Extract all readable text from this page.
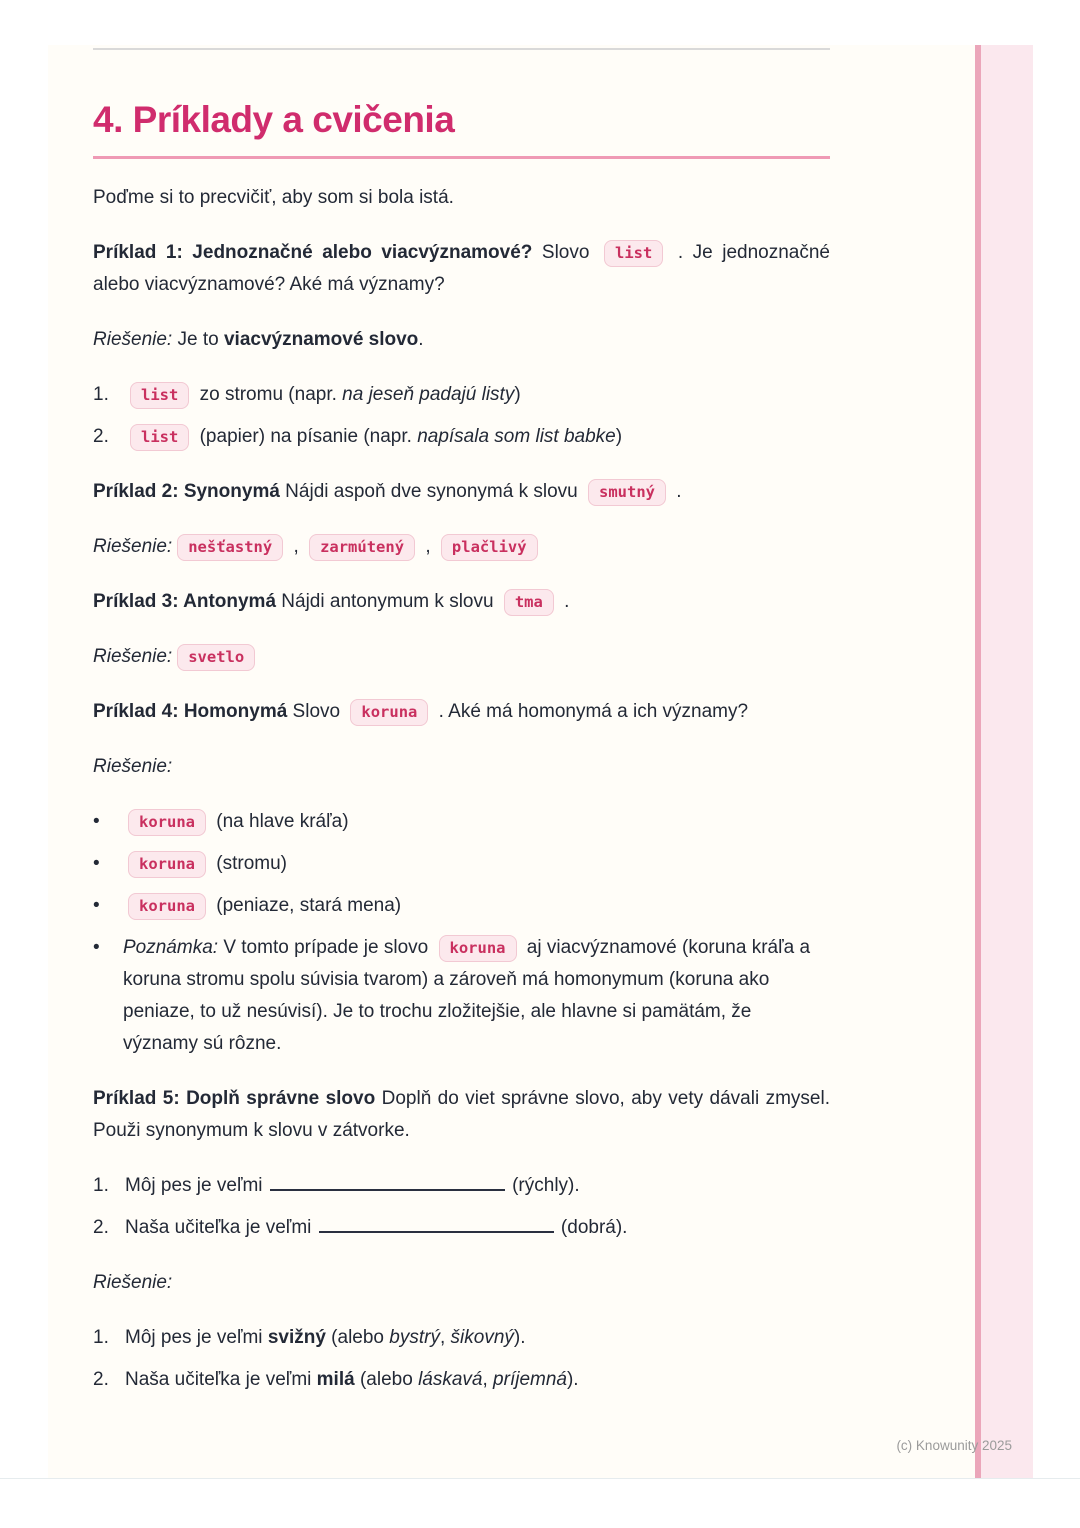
4. Príklady a cvičenia

Poďme si to precvičiť, aby som si bola istá.

Príklad 1: Jednoznačné alebo viacvýznamové? Slovo list . Je jednoznačné alebo viacvýznamové? Aké má významy?

Riešenie: Je to viacvýznamové slovo.

1.	list zo stromu (napr. na jeseň padajú listy)
2.	list (papier) na písanie (napr. napísala som list babke)

Príklad 2: Synonymá Nájdi aspoň dve synonymá k slovu smutný .

Riešenie: nešťastný , zarmútený , plačlivý

Príklad 3: Antonymá Nájdi antonymum k slovu tma .

Riešenie: svetlo

Príklad 4: Homonymá Slovo koruna . Aké má homonymá a ich významy?

Riešenie:

•	koruna (na hlave kráľa)
•	koruna (stromu)
•	koruna (peniaze, stará mena)
•	Poznámka: V tomto prípade je slovo koruna aj viacvýznamové (koruna kráľa a koruna stromu spolu súvisia tvarom) a zároveň má homonymum (koruna ako peniaze, to už nesúvisí). Je to trochu zložitejšie, ale hlavne si pamätám, že významy sú rôzne.

Príklad 5: Doplň správne slovo Doplň do viet správne slovo, aby vety dávali zmysel. Použi synonymum k slovu v zátvorke.

1. Môj pes je veľmi	(rýchly).
2. Naša učiteľka je veľmi	(dobrá).

Riešenie:

1. Môj pes je veľmi svižný (alebo bystrý, šikovný).
2. Naša učiteľka je veľmi milá (alebo láskavá, príjemná).
(c) Knowunity 2025
